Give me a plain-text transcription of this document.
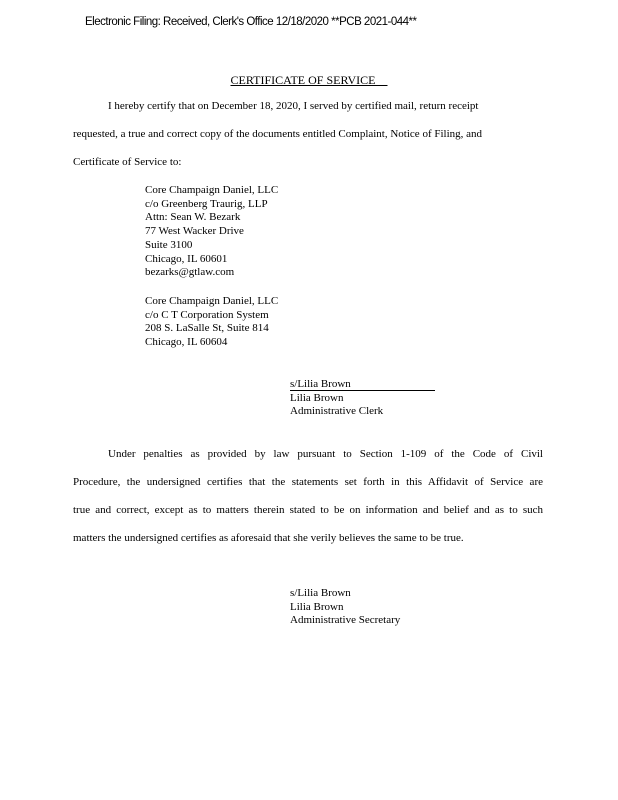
Electronic Filing: Received, Clerk's Office 12/18/2020 **PCB 2021-044**
CERTIFICATE OF SERVICE
I hereby certify that on December 18, 2020, I served by certified mail, return receipt
requested, a true and correct copy of the documents entitled Complaint, Notice of Filing, and
Certificate of Service to:
Core Champaign Daniel, LLC
c/o Greenberg Traurig, LLP
Attn: Sean W. Bezark
77 West Wacker Drive
Suite 3100
Chicago, IL 60601
bezarks@gtlaw.com
Core Champaign Daniel, LLC
c/o C T Corporation System
208 S. LaSalle St, Suite 814
Chicago, IL 60604
s/Lilia Brown
Lilia Brown
Administrative Clerk
Under penalties as provided by law pursuant to Section 1-109 of the Code of Civil
Procedure, the undersigned certifies that the statements set forth in this Affidavit of Service are
true and correct, except as to matters therein stated to be on information and belief and as to such
matters the undersigned certifies as aforesaid that she verily believes the same to be true.
s/Lilia Brown
Lilia Brown
Administrative Secretary
